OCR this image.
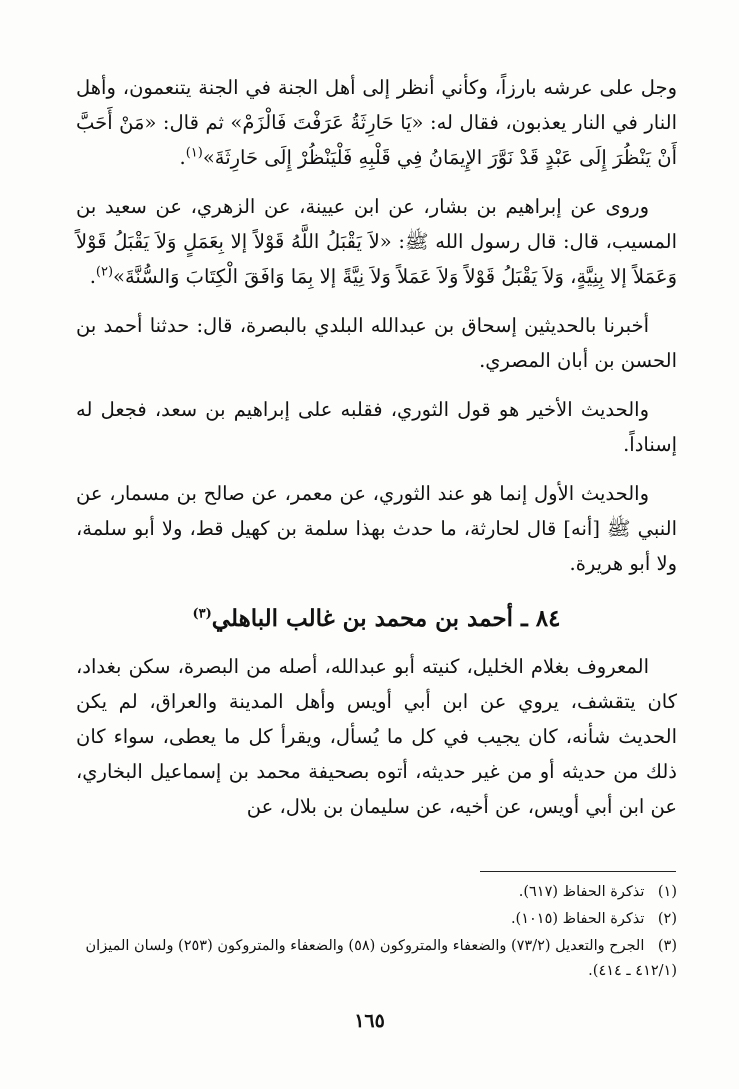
وجل على عرشه بارزاً، وكأني أنظر إلى أهل الجنة في الجنة يتنعمون، وأهل النار في النار يعذبون، فقال له: «يَا حَارِثَةُ عَرَفْتَ فَالْزَمْ» ثم قال: «مَنْ أَحَبَّ أَنْ يَنْظُرَ إِلَى عَبْدٍ قَدْ نَوَّرَ الإِيمَانُ فِي قَلْبِهِ فَلْيَنْظُرْ إِلَى حَارِثَةَ»$^{(١)}$.

وروى عن إبراهيم بن بشار، عن ابن عيينة، عن الزهري، عن سعيد بن المسيب، قال: قال رسول الله ﷺ: «لاَ يَقْبَلُ اللَّهُ قَوْلاً إلا بِعَمَلٍ وَلاَ يَقْبَلُ قَوْلاً وَعَمَلاً إلا بِنِيَّةٍ، وَلاَ يَقْبَلُ قَوْلاً وَلاَ عَمَلاً وَلاَ نِيَّةً إلا بِمَا وَافَقَ الْكِتَابَ وَالسُّنَّةَ»$^{(٢)}$.

أخبرنا بالحديثين إسحاق بن عبدالله البلدي بالبصرة، قال: حدثنا أحمد بن الحسن بن أبان المصري.

والحديث الأخير هو قول الثوري، فقلبه على إبراهيم بن سعد، فجعل له إسناداً.

والحديث الأول إنما هو عند الثوري، عن معمر، عن صالح بن مسمار، عن النبي ﷺ [أنه] قال لحارثة، ما حدث بهذا سلمة بن كهيل قط، ولا أبو سلمة، ولا أبو هريرة.

٨٤ ـ أحمد بن محمد بن غالب الباهلي$^{(٣)}$

المعروف بغلام الخليل، كنيته أبو عبدالله، أصله من البصرة، سكن بغداد، كان يتقشف، يروي عن ابن أبي أويس وأهل المدينة والعراق، لم يكن الحديث شأنه، كان يجيب في كل ما يُسأل، ويقرأ كل ما يعطى، سواء كان ذلك من حديثه أو من غير حديثه، أتوه بصحيفة محمد بن إسماعيل البخاري، عن ابن أبي أويس، عن أخيه، عن سليمان بن بلال، عن

(١) تذكرة الحفاظ (٦١٧).
(٢) تذكرة الحفاظ (١٠١٥).
(٣) الجرح والتعديل (٧٣/٢) والضعفاء والمتروكون (٥٨) والضعفاء والمتروكون (٢٥٣) ولسان الميزان (٤١٢/١ ـ ٤١٤).
١٦٥
